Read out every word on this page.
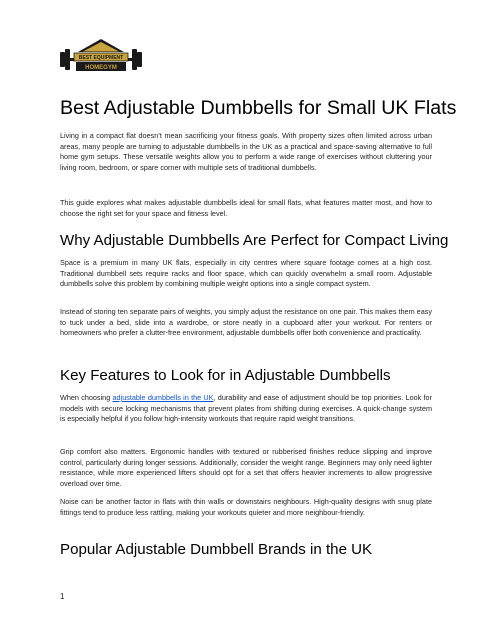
BEST EQUIPMENT
HOMEGYM
Best Adjustable Dumbbells for Small UK Flats

Living in a compact flat doesn’t mean sacrificing your fitness goals. With property sizes often limited across urban areas, many people are turning to adjustable dumbbells in the UK as a practical and space-saving alternative to full home gym setups. These versatile weights allow you to perform a wide range of exercises without cluttering your living room, bedroom, or spare corner with multiple sets of traditional dumbbells.

This guide explores what makes adjustable dumbbells ideal for small flats, what features matter most, and how to choose the right set for your space and fitness level.

Why Adjustable Dumbbells Are Perfect for Compact Living

Space is a premium in many UK flats, especially in city centres where square footage comes at a high cost. Traditional dumbbell sets require racks and floor space, which can quickly overwhelm a small room. Adjustable dumbbells solve this problem by combining multiple weight options into a single compact system.

Instead of storing ten separate pairs of weights, you simply adjust the resistance on one pair. This makes them easy to tuck under a bed, slide into a wardrobe, or store neatly in a cupboard after your workout. For renters or homeowners who prefer a clutter-free environment, adjustable dumbbells offer both convenience and practicality.

Key Features to Look for in Adjustable Dumbbells

When choosing adjustable dumbbells in the UK, durability and ease of adjustment should be top priorities. Look for models with secure locking mechanisms that prevent plates from shifting during exercises. A quick-change system is especially helpful if you follow high-intensity workouts that require rapid weight transitions.

Grip comfort also matters. Ergonomic handles with textured or rubberised finishes reduce slipping and improve control, particularly during longer sessions. Additionally, consider the weight range. Beginners may only need lighter resistance, while more experienced lifters should opt for a set that offers heavier increments to allow progressive overload over time.

Noise can be another factor in flats with thin walls or downstairs neighbours. High-quality designs with snug plate fittings tend to produce less rattling, making your workouts quieter and more neighbour-friendly.

Popular Adjustable Dumbbell Brands in the UK
1
